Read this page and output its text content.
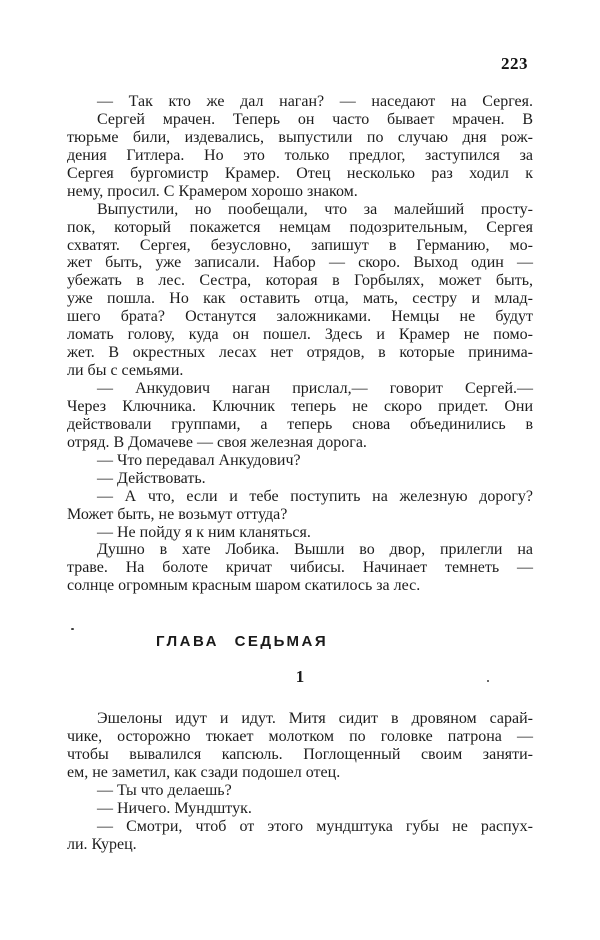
223
— Так кто же дал наган? — наседают на Сергея.
Сергей мрачен. Теперь он часто бывает мрачен. В
тюрьме били, издевались, выпустили по случаю дня рож-
дения Гитлера. Но это только предлог, заступился за
Сергея бургомистр Крамер. Отец несколько раз ходил к
нему, просил. С Крамером хорошо знаком.
Выпустили, но пообещали, что за малейший просту-
пок, который покажется немцам подозрительным, Сергея
схватят. Сергея, безусловно, запишут в Германию, мо-
жет быть, уже записали. Набор — скоро. Выход один —
убежать в лес. Сестра, которая в Горбылях, может быть,
уже пошла. Но как оставить отца, мать, сестру и млад-
шего брата? Останутся заложниками. Немцы не будут
ломать голову, куда он пошел. Здесь и Крамер не помо-
жет. В окрестных лесах нет отрядов, в которые принима-
ли бы с семьями.
— Анкудович наган прислал,— говорит Сергей.—
Через Ключника. Ключник теперь не скоро придет. Они
действовали группами, а теперь снова объединились в
отряд. В Домачеве — своя железная дорога.
— Что передавал Анкудович?
— Действовать.
— А что, если и тебе поступить на железную дорогу?
Может быть, не возьмут оттуда?
— Не пойду я к ним кланяться.
Душно в хате Лобика. Вышли во двор, прилегли на
траве. На болоте кричат чибисы. Начинает темнеть —
солнце огромным красным шаром скатилось за лес.
ГЛАВА СЕДЬМАЯ
1
Эшелоны идут и идут. Митя сидит в дровяном сарай-
чике, осторожно тюкает молотком по головке патрона —
чтобы вывалился капсюль. Поглощенный своим заняти-
ем, не заметил, как сзади подошел отец.
— Ты что делаешь?
— Ничего. Мундштук.
— Смотри, чтоб от этого мундштука губы не распух-
ли. Курец.
